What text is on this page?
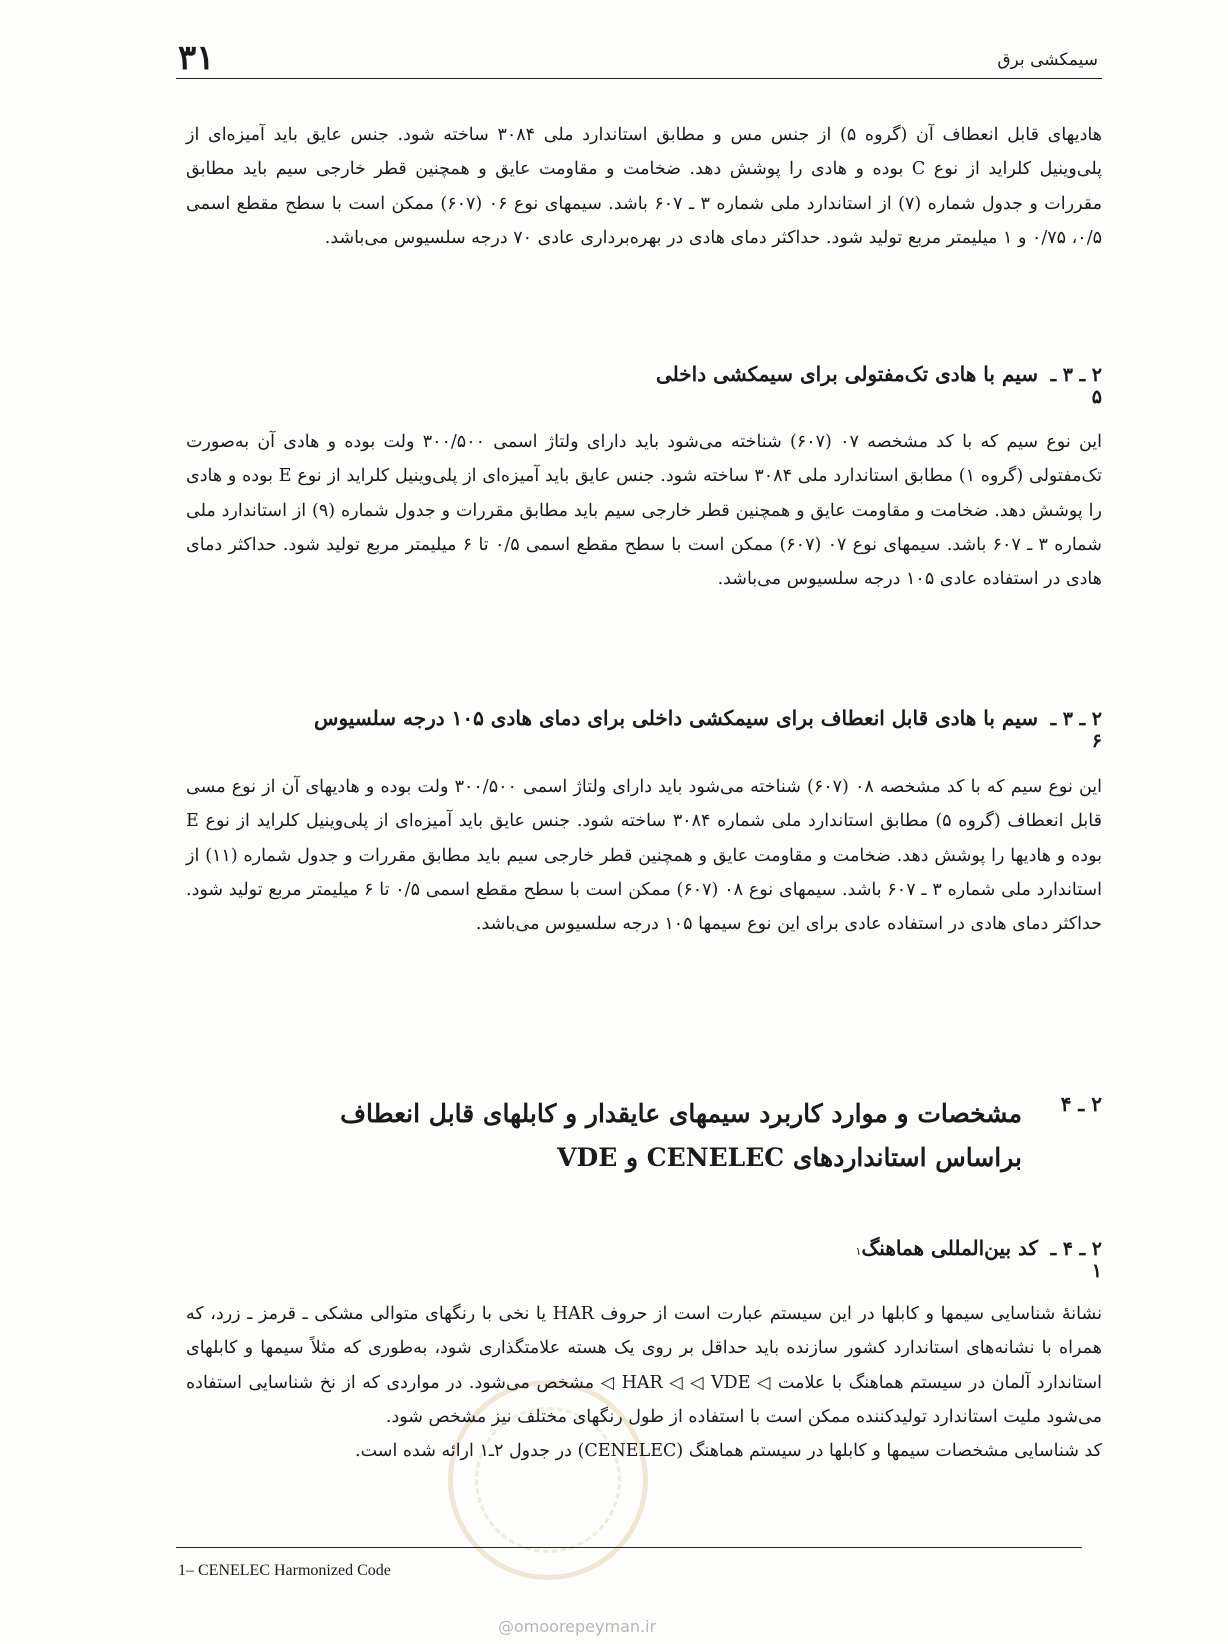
۳۱	سیمکشی برق

هادیهای قابل انعطاف آن (گروه ۵) از جنس مس و مطابق استاندارد ملی ۳۰۸۴ ساخته شود. جنس عایق باید آمیزه‌ای از پلی‌وینیل کلراید از نوع C بوده و هادی را پوشش دهد. ضخامت و مقاومت عایق و همچنین قطر خارجی سیم باید مطابق مقررات و جدول شماره (۷) از استاندارد ملی شماره ۳ ـ ۶۰۷ باشد. سیمهای نوع ۰۶ (۶۰۷) ممکن است با سطح مقطع اسمی ۰/۵، ۰/۷۵ و ۱ میلیمتر مربع تولید شود. حداکثر دمای هادی در بهره‌برداری عادی ۷۰ درجه سلسیوس می‌باشد.

۲ ـ ۳ ـ ۵
سیم با هادی تک‌مفتولی برای سیمکشی داخلی

این نوع سیم که با کد مشخصه ۰۷ (۶۰۷) شناخته می‌شود باید دارای ولتاژ اسمی ۳۰۰/۵۰۰ ولت بوده و هادی آن به‌صورت تک‌مفتولی (گروه ۱) مطابق استاندارد ملی ۳۰۸۴ ساخته شود. جنس عایق باید آمیزه‌ای از پلی‌وینیل کلراید از نوع E بوده و هادی را پوشش دهد. ضخامت و مقاومت عایق و همچنین قطر خارجی سیم باید مطابق مقررات و جدول شماره (۹) از استاندارد ملی شماره ۳ ـ ۶۰۷ باشد. سیمهای نوع ۰۷ (۶۰۷) ممکن است با سطح مقطع اسمی ۰/۵ تا ۶ میلیمتر مربع تولید شود. حداکثر دمای هادی در استفاده عادی ۱۰۵ درجه سلسیوس می‌باشد.

۲ ـ ۳ ـ ۶
سیم با هادی قابل انعطاف برای سیمکشی داخلی برای دمای هادی ۱۰۵ درجه سلسیوس

این نوع سیم که با کد مشخصه ۰۸ (۶۰۷) شناخته می‌شود باید دارای ولتاژ اسمی ۳۰۰/۵۰۰ ولت بوده و هادیهای آن از نوع مسی قابل انعطاف (گروه ۵) مطابق استاندارد ملی شماره ۳۰۸۴ ساخته شود. جنس عایق باید آمیزه‌ای از پلی‌وینیل کلراید از نوع E بوده و هادیها را پوشش دهد. ضخامت و مقاومت عایق و همچنین قطر خارجی سیم باید مطابق مقررات و جدول شماره (۱۱) از استاندارد ملی شماره ۳ ـ ۶۰۷ باشد. سیمهای نوع ۰۸ (۶۰۷) ممکن است با سطح مقطع اسمی ۰/۵ تا ۶ میلیمتر مربع تولید شود. حداکثر دمای هادی در استفاده عادی برای این نوع سیمها ۱۰۵ درجه سلسیوس می‌باشد.

۲ ـ ۴
مشخصات و موارد کاربرد سیمهای عایقدار و کابلهای قابل انعطاف
براساس استانداردهای CENELEC و VDE
۲ ـ ۴ ـ ۱
کد بین‌المللی هماهنگ
۱

نشانهٔ شناسایی سیمها و کابلها در این سیستم عبارت است از حروف HAR یا نخی با رنگهای متوالی مشکی ـ قرمز ـ زرد، که همراه با نشانه‌های استاندارد کشور سازنده باید حداقل بر روی یک هسته علامتگذاری شود، به‌طوری که مثلاً سیمها و کابلهای استاندارد آلمان در سیستم هماهنگ با علامت ◁ HAR ◁ ◁ VDE ◁ مشخص می‌شود. در مواردی که از نخ شناسایی استفاده می‌شود ملیت استاندارد تولیدکننده ممکن است با استفاده از طول رنگهای مختلف نیز مشخص شود.

کد شناسایی مشخصات سیمها و کابلها در سیستم هماهنگ (CENELEC) در جدول ۲ـ۱ ارائه شده است.

1– CENELEC Harmonized Code
@omoorepeyman.ir
